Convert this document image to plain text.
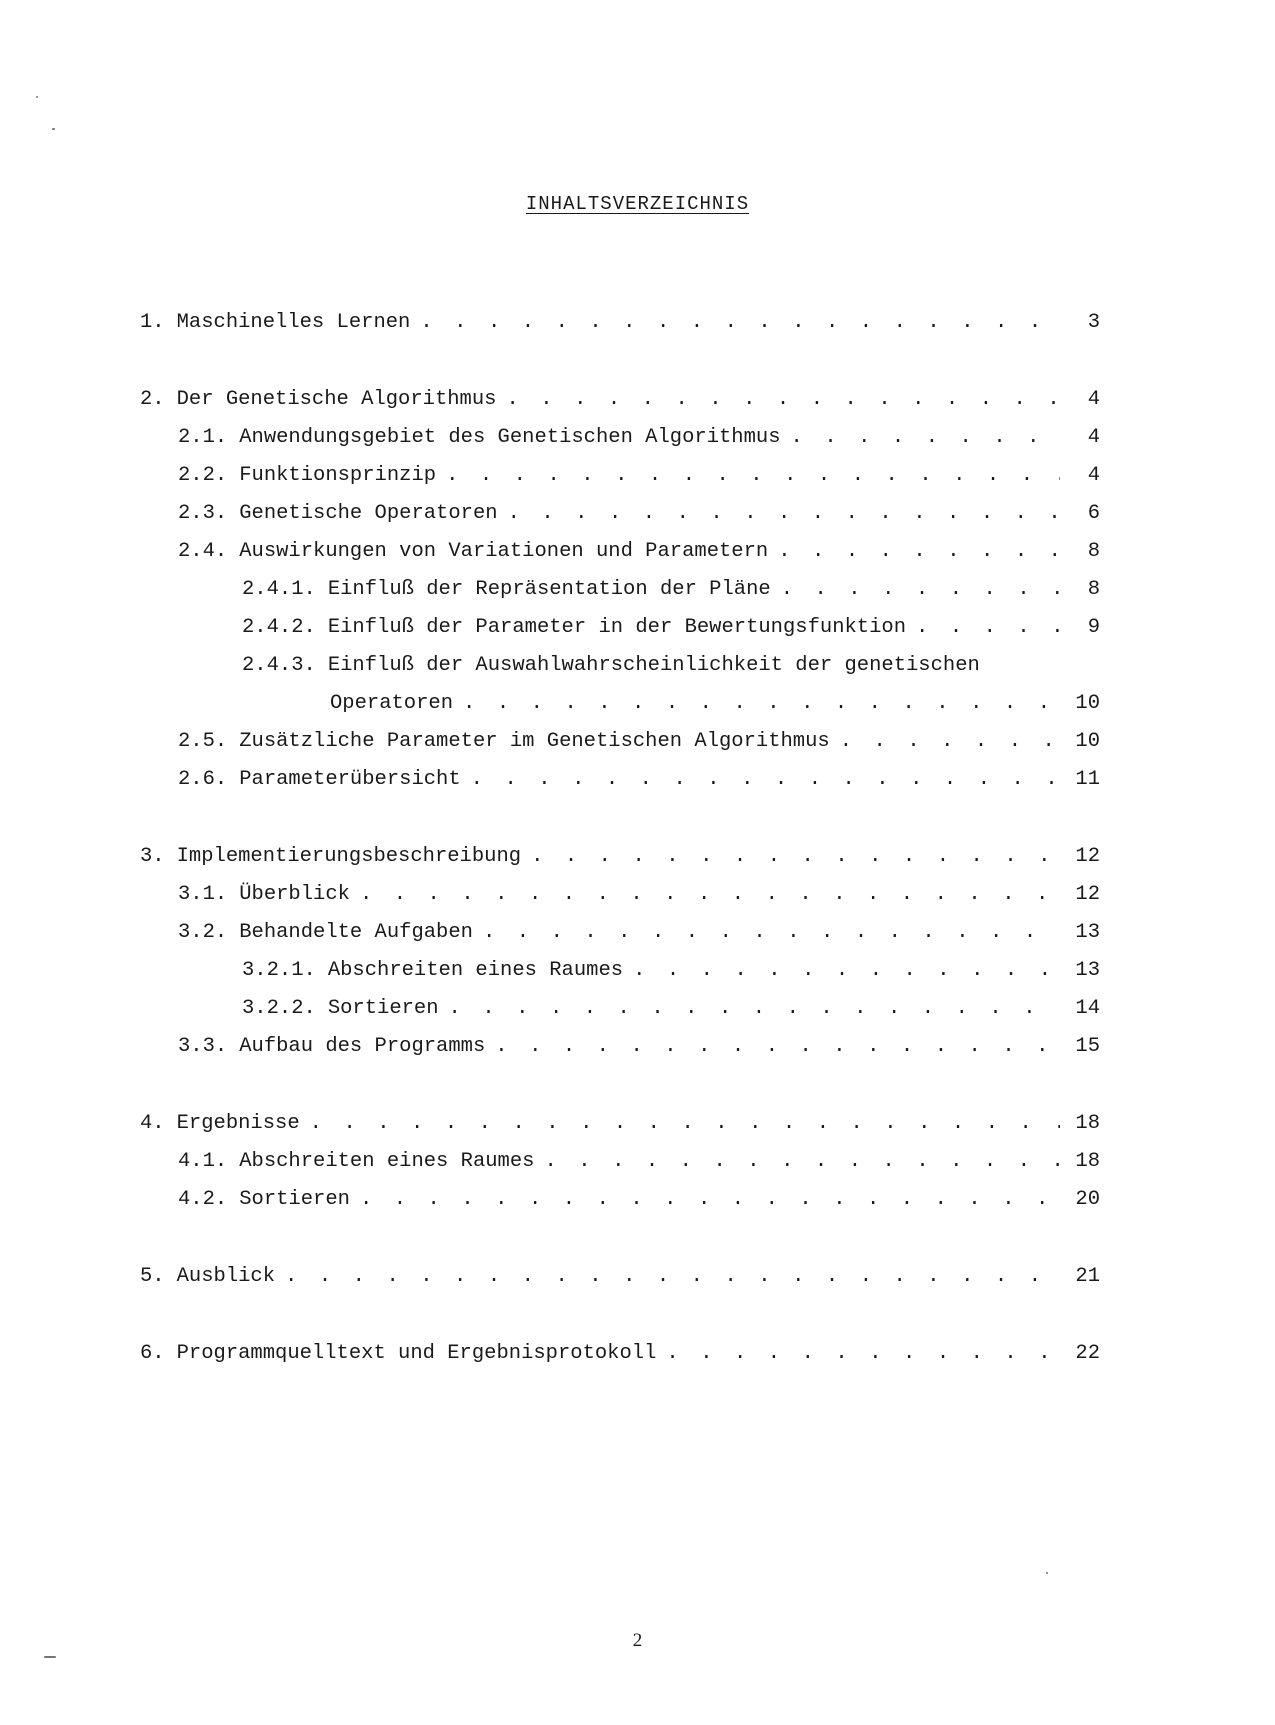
INHALTSVERZEICHNIS
1. Maschinelles Lernen . . .	3
2. Der Genetische Algorithmus . . .	4
2.1. Anwendungsgebiet des Genetischen Algorithmus . . .	4
2.2. Funktionsprinzip . . .	4
2.3. Genetische Operatoren . . .	6
2.4. Auswirkungen von Variationen und Parametern . . .	8
2.4.1. Einfluß der Repräsentation der Pläne . . .	8
2.4.2. Einfluß der Parameter in der Bewertungsfunktion . . .	9
2.4.3. Einfluß der Auswahlwahrscheinlichkeit der genetischen
Operatoren . . .	10
2.5. Zusätzliche Parameter im Genetischen Algorithmus . . .	10
2.6. Parameterübersicht . . .	11
3. Implementierungsbeschreibung . . .	12
3.1. Überblick . . .	12
3.2. Behandelte Aufgaben . . .	13
3.2.1. Abschreiten eines Raumes . . .	13
3.2.2. Sortieren . . .	14
3.3. Aufbau des Programms . . .	15
4. Ergebnisse . . .	18
4.1. Abschreiten eines Raumes . . .	18
4.2. Sortieren . . .	20
5. Ausblick . . .	21
6. Programmquelltext und Ergebnisprotokoll . . .	22
2
